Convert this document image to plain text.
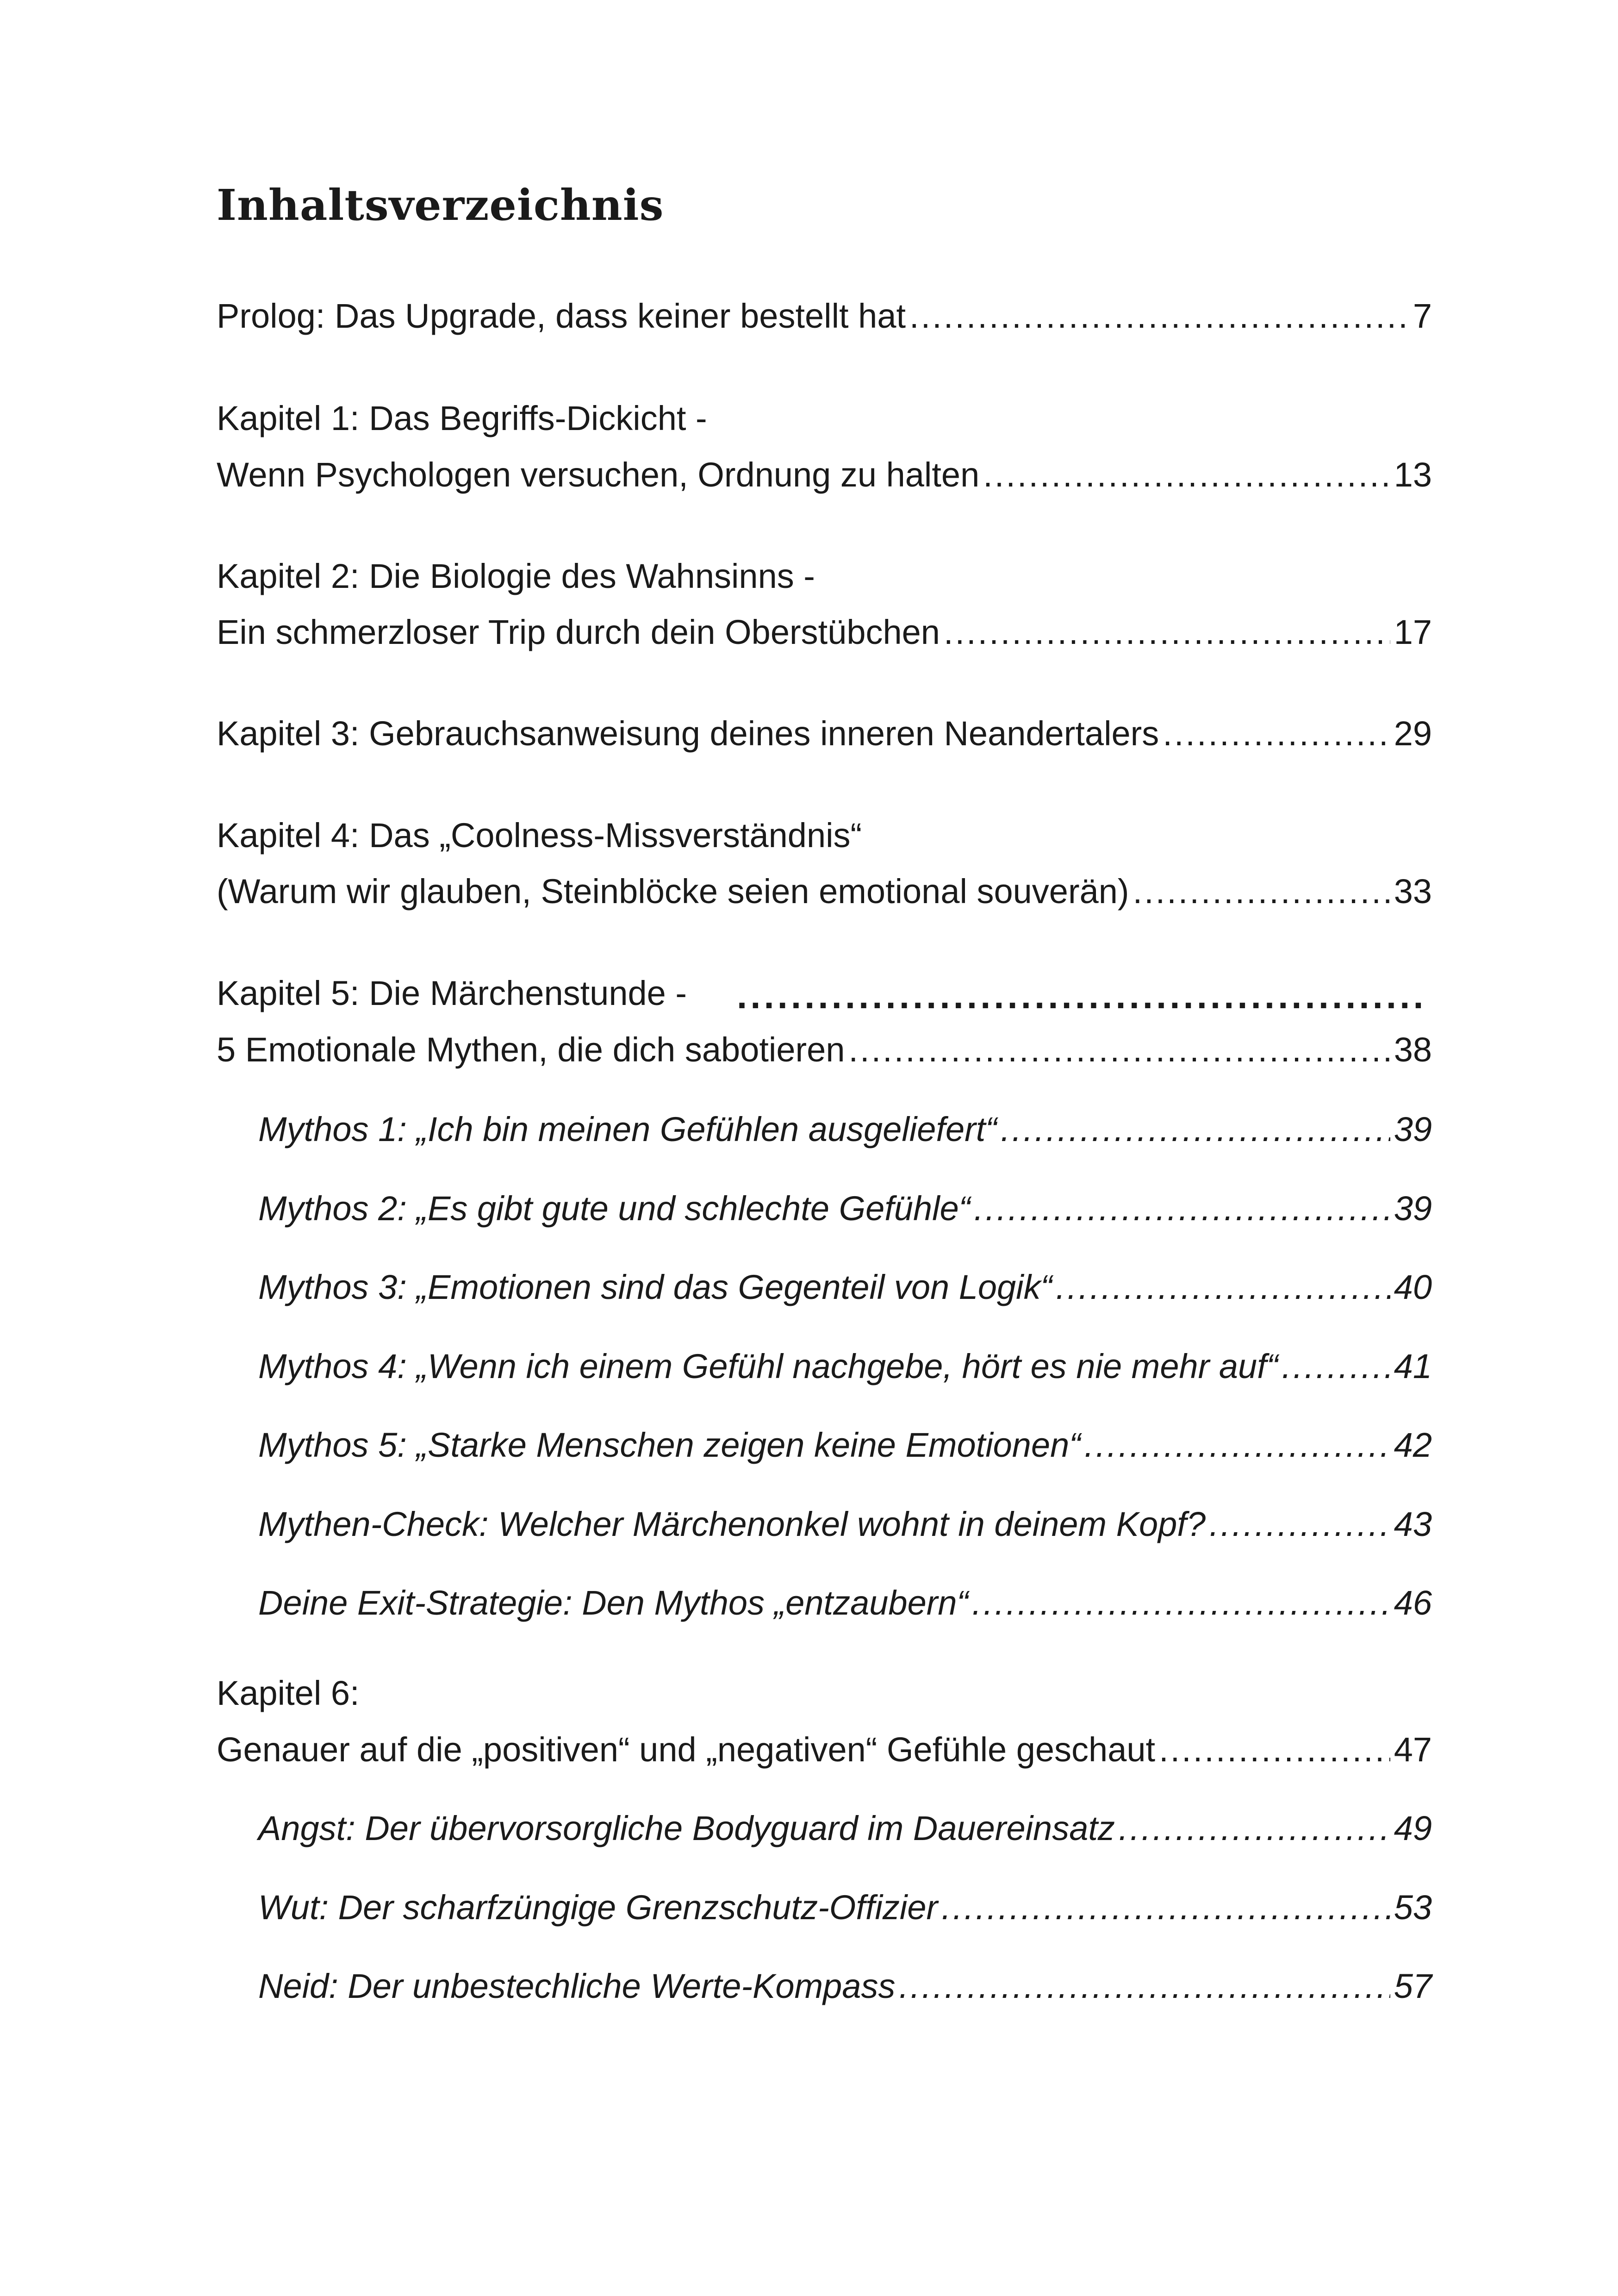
Inhaltsverzeichnis
Prolog: Das Upgrade, dass keiner bestellt hat .....	7
Kapitel 1: Das Begriffs-Dickicht -
Wenn Psychologen versuchen, Ordnung zu halten .....	13
Kapitel 2: Die Biologie des Wahnsinns -
Ein schmerzloser Trip durch dein Oberstübchen .....	17
Kapitel 3: Gebrauchsanweisung deines inneren Neandertalers .....	29
Kapitel 4: Das „Coolness-Missverständnis“
(Warum wir glauben, Steinblöcke seien emotional souverän) .....	33
Kapitel 5: Die Märchenstunde -
.....
5 Emotionale Mythen, die dich sabotieren .....	38
Mythos 1: „Ich bin meinen Gefühlen ausgeliefert“ .....	39
Mythos 2: „Es gibt gute und schlechte Gefühle“ .....	39
Mythos 3: „Emotionen sind das Gegenteil von Logik“ .....	40
Mythos 4: „Wenn ich einem Gefühl nachgebe, hört es nie mehr auf“ .....	41
Mythos 5: „Starke Menschen zeigen keine Emotionen“ .....	42
Mythen-Check: Welcher Märchenonkel wohnt in deinem Kopf? .....	43
Deine Exit-Strategie: Den Mythos „entzaubern“ .....	46
Kapitel 6:
Genauer auf die „positiven“ und „negativen“ Gefühle geschaut .....	47
Angst: Der übervorsorgliche Bodyguard im Dauereinsatz .....	49
Wut: Der scharfzüngige Grenzschutz-Offizier .....	53
Neid: Der unbestechliche Werte-Kompass .....	57
